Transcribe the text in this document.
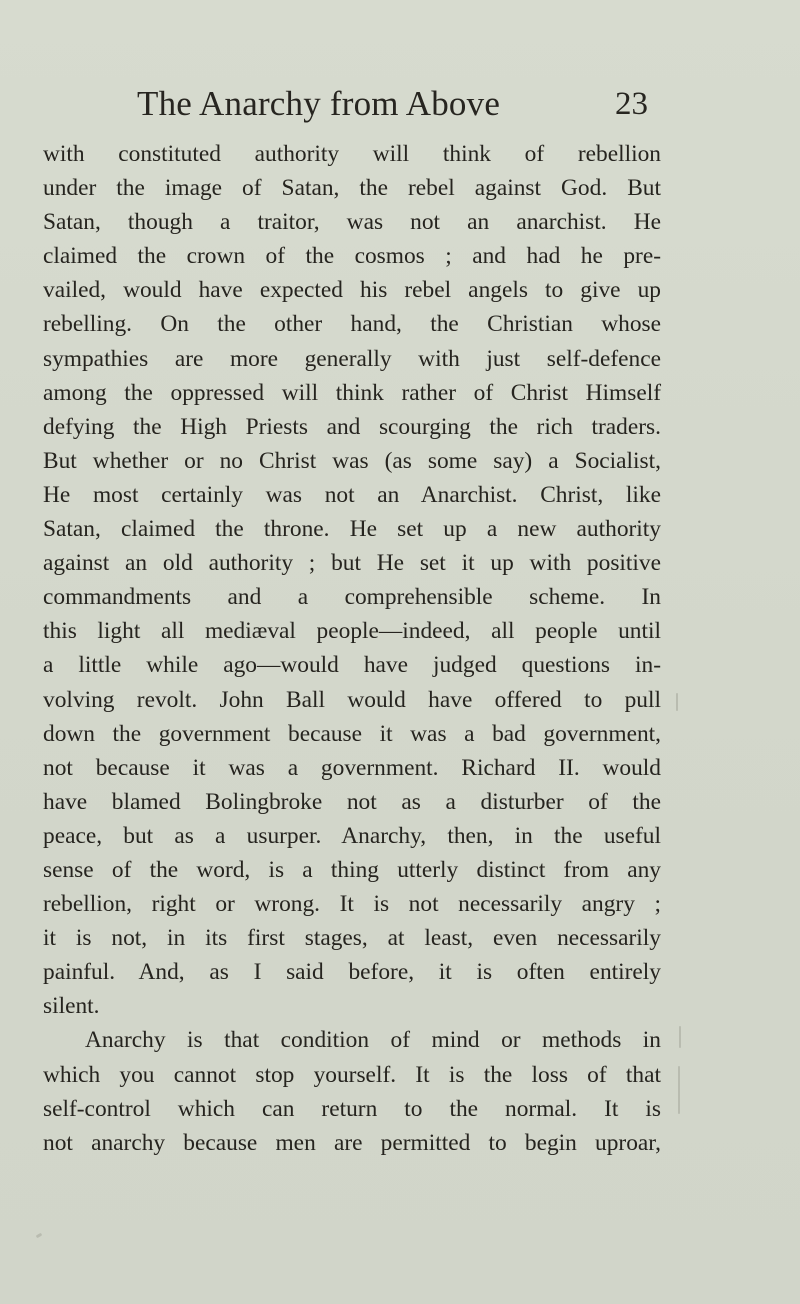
The Anarchy from Above	23
with constituted authority will think of rebellion
under the image of Satan, the rebel against God. But
Satan, though a traitor, was not an anarchist. He
claimed the crown of the cosmos ; and had he pre-
vailed, would have expected his rebel angels to give up
rebelling. On the other hand, the Christian whose
sympathies are more generally with just self-defence
among the oppressed will think rather of Christ Himself
defying the High Priests and scourging the rich traders.
But whether or no Christ was (as some say) a Socialist,
He most certainly was not an Anarchist. Christ, like
Satan, claimed the throne. He set up a new authority
against an old authority ; but He set it up with positive
commandments and a comprehensible scheme. In
this light all mediæval people—indeed, all people until
a little while ago—would have judged questions in-
volving revolt. John Ball would have offered to pull
down the government because it was a bad government,
not because it was a government. Richard II. would
have blamed Bolingbroke not as a disturber of the
peace, but as a usurper. Anarchy, then, in the useful
sense of the word, is a thing utterly distinct from any
rebellion, right or wrong. It is not necessarily angry ;
it is not, in its first stages, at least, even necessarily
painful. And, as I said before, it is often entirely
silent.
Anarchy is that condition of mind or methods in
which you cannot stop yourself. It is the loss of that
self-control which can return to the normal. It is
not anarchy because men are permitted to begin uproar,
